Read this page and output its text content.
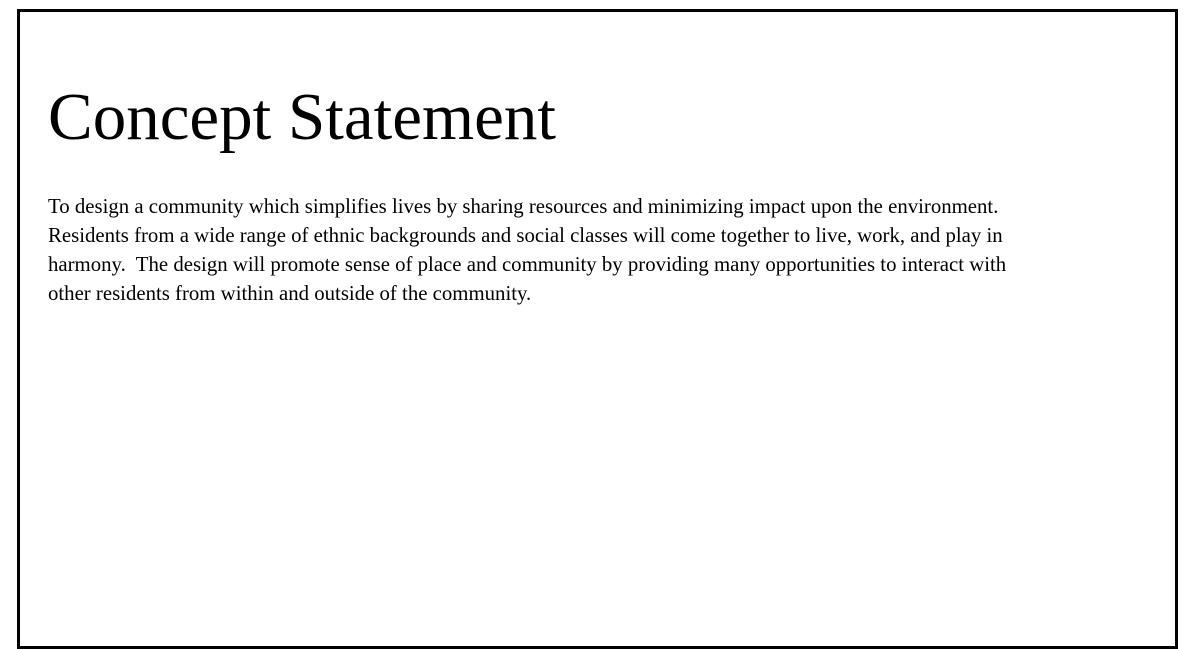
Concept Statement

To design a community which simplifies lives by sharing resources and minimizing impact upon the environment.
Residents from a wide range of ethnic backgrounds and social classes will come together to live, work, and play in
harmony.  The design will promote sense of place and community by providing many opportunities to interact with
other residents from within and outside of the community.
